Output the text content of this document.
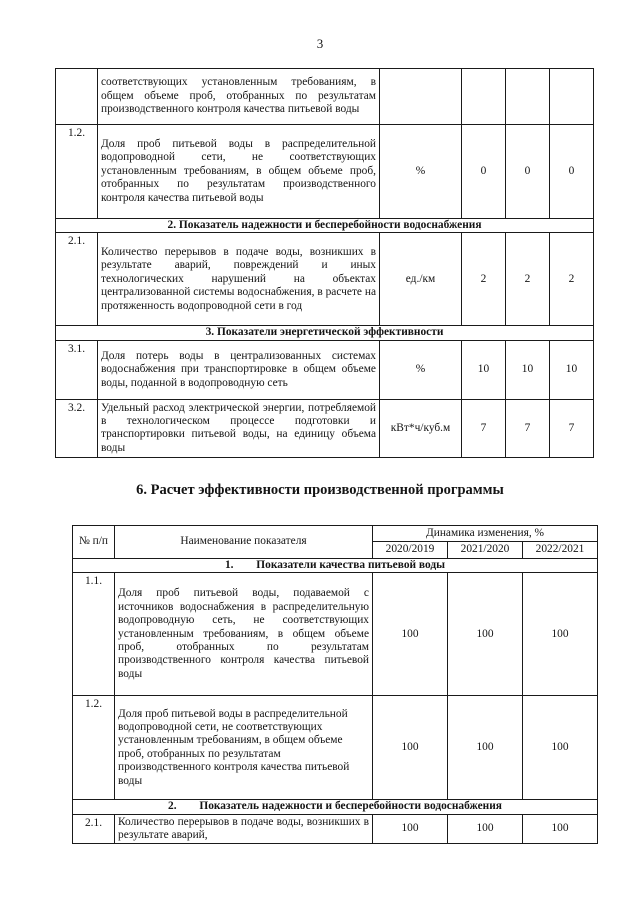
3
	соответствующих установленным требованиям, в общем объеме проб, отобранных по результатам производственного контроля качества питьевой воды				
1.2.	Доля проб питьевой воды в распределительной водопроводной сети, не соответствующих установленным требованиям, в общем объеме проб, отобранных по результатам производственного контроля качества питьевой воды	%	0	0	0
2. Показатель надежности и бесперебойности водоснабжения					
2.1.	Количество перерывов в подаче воды, возникших в результате аварий, повреждений и иных технологических нарушений на объектах централизованной системы водоснабжения, в расчете на протяженность водопроводной сети в год	ед./км	2	2	2
3. Показатели энергетической эффективности					
3.1.	Доля потерь воды в централизованных системах водоснабжения при транспортировке в общем объеме воды, поданной в водопроводную сеть	%	10	10	10
3.2.	Удельный расход электрической энергии, потребляемой в технологическом процессе подготовки и транспортировки питьевой воды, на единицу объема воды	кВт*ч/куб.м	7	7	7
6. Расчет эффективности производственной программы
№ п/п	Наименование показателя	Динамика изменения, %		
		2020/2019	2021/2020	2022/2021
1.        Показатели качества питьевой воды				
1.1.	Доля проб питьевой воды, подаваемой с источников водоснабжения в распределительную водопроводную сеть, не соответствующих установленным требованиям, в общем объеме проб, отобранных по результатам производственного контроля качества питьевой воды	100	100	100
1.2.	Доля проб питьевой воды в распределительной водопроводной сети, не соответствующих установленным требованиям, в общем объеме проб, отобранных по результатам производственного контроля качества питьевой воды	100	100	100
2.        Показатель надежности и бесперебойности водоснабжения				
2.1.	Количество перерывов в подаче воды, возникших в результате аварий,	100	100	100
